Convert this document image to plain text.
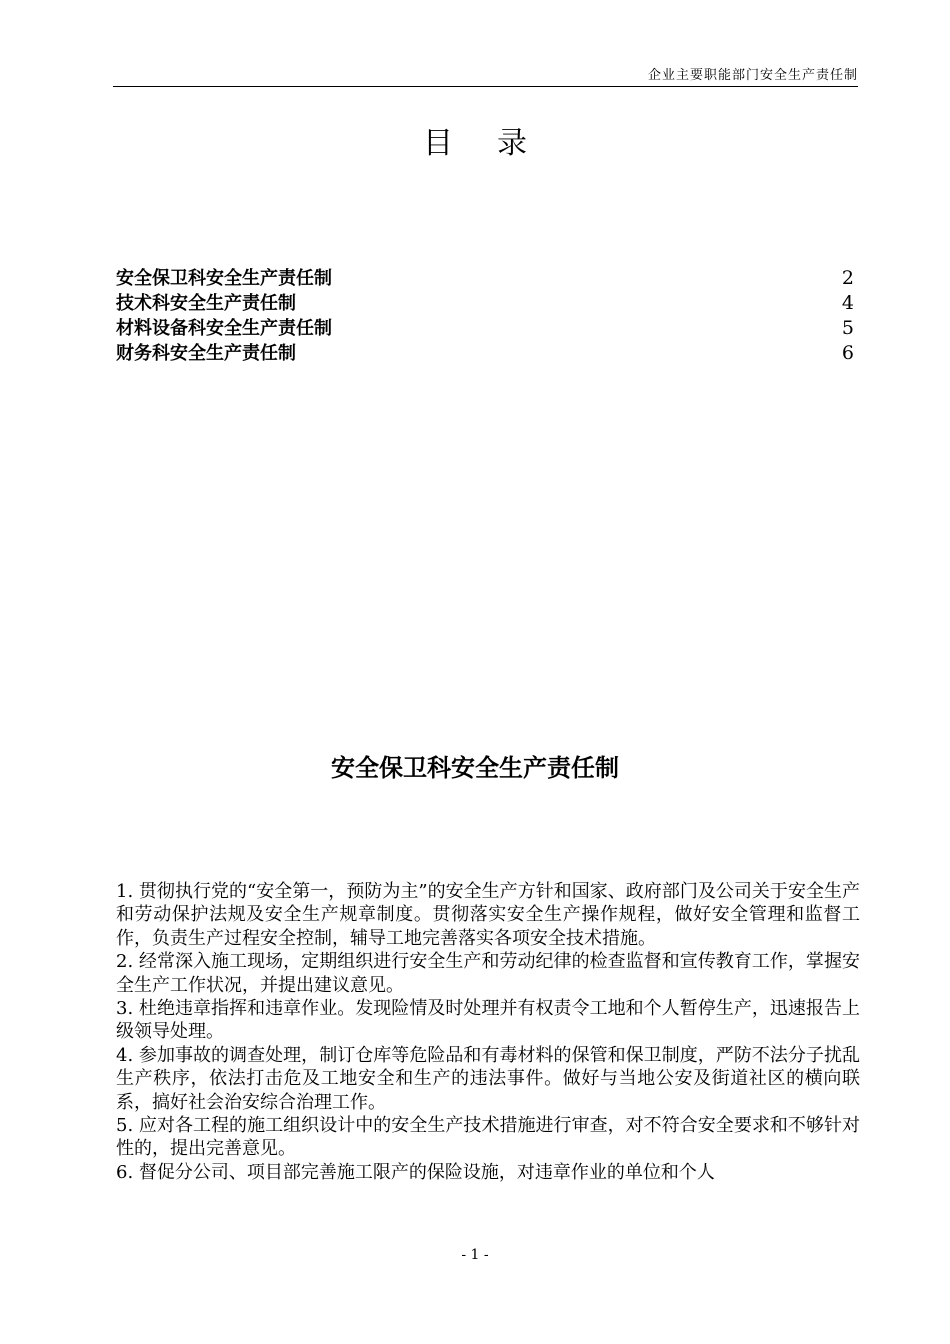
企业主要职能部门安全生产责任制
目 录
安全保卫科安全生产责任制	2
技术科安全生产责任制	4
材料设备科安全生产责任制	5
财务科安全生产责任制	6
安全保卫科安全生产责任制

1. 贯彻执行党的“安全第一，预防为主”的安全生产方针和国家、政府部门及公司关于安全生产和劳动保护法规及安全生产规章制度。贯彻落实安全生产操作规程，做好安全管理和监督工作，负责生产过程安全控制，辅导工地完善落实各项安全技术措施。

2. 经常深入施工现场，定期组织进行安全生产和劳动纪律的检查监督和宣传教育工作，掌握安全生产工作状况，并提出建议意见。

3. 杜绝违章指挥和违章作业。发现险情及时处理并有权责令工地和个人暂停生产，迅速报告上级领导处理。

4. 参加事故的调查处理，制订仓库等危险品和有毒材料的保管和保卫制度，严防不法分子扰乱生产秩序，依法打击危及工地安全和生产的违法事件。做好与当地公安及街道社区的横向联系，搞好社会治安综合治理工作。

5. 应对各工程的施工组织设计中的安全生产技术措施进行审查，对不符合安全要求和不够针对性的，提出完善意见。

6. 督促分公司、项目部完善施工限产的保险设施，对违章作业的单位和个人

- 1 -
